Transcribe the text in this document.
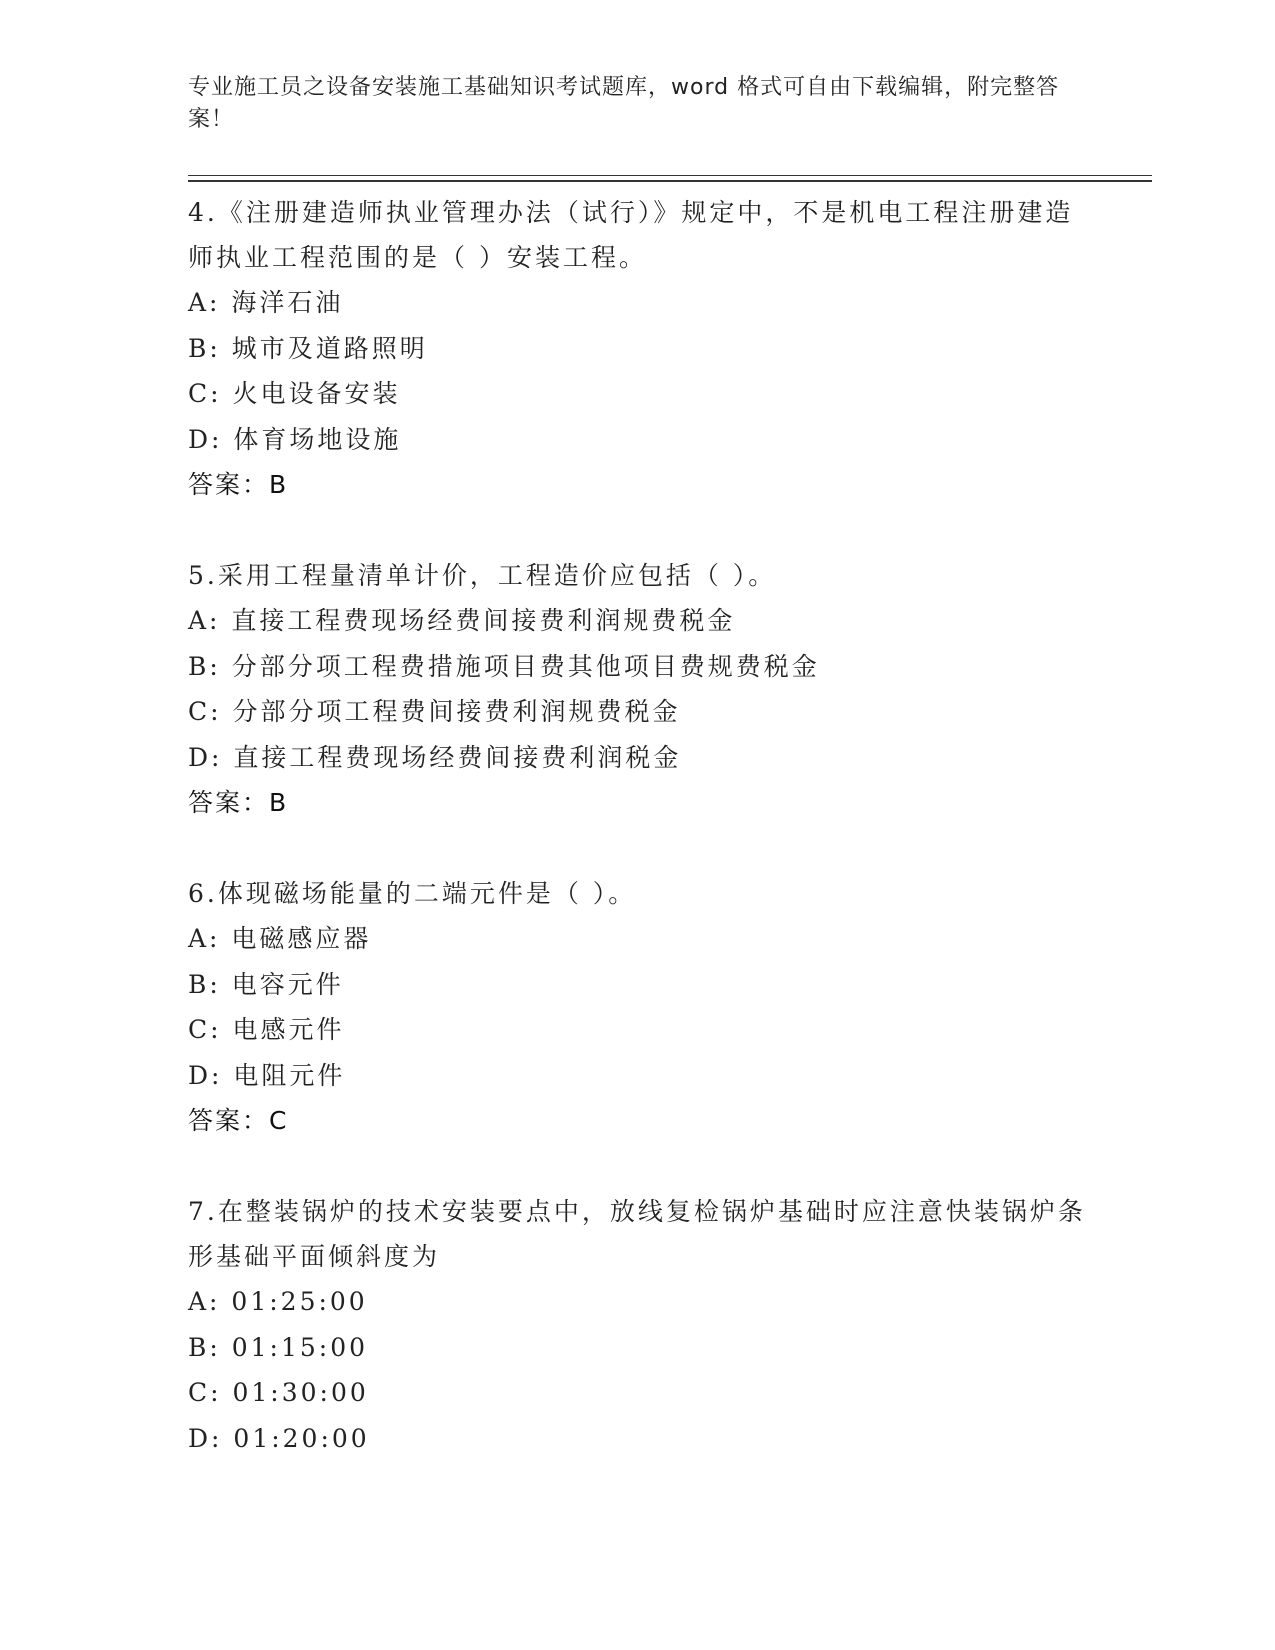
专业施工员之设备安装施工基础知识考试题库，word 格式可自由下载编辑，附完整答案！

4.《注册建造师执业管理办法（试行）》规定中，不是机电工程注册建造师执业工程范围的是（ ）安装工程。

A: 海洋石油

B: 城市及道路照明

C: 火电设备安装

D: 体育场地设施

答案：B

5.采用工程量清单计价，工程造价应包括（ ）。

A: 直接工程费现场经费间接费利润规费税金

B: 分部分项工程费措施项目费其他项目费规费税金

C: 分部分项工程费间接费利润规费税金

D: 直接工程费现场经费间接费利润税金

答案：B

6.体现磁场能量的二端元件是（ ）。

A: 电磁感应器

B: 电容元件

C: 电感元件

D: 电阻元件

答案：C

7.在整装锅炉的技术安装要点中，放线复检锅炉基础时应注意快装锅炉条形基础平面倾斜度为

A: 01:25:00

B: 01:15:00

C: 01:30:00

D: 01:20:00
